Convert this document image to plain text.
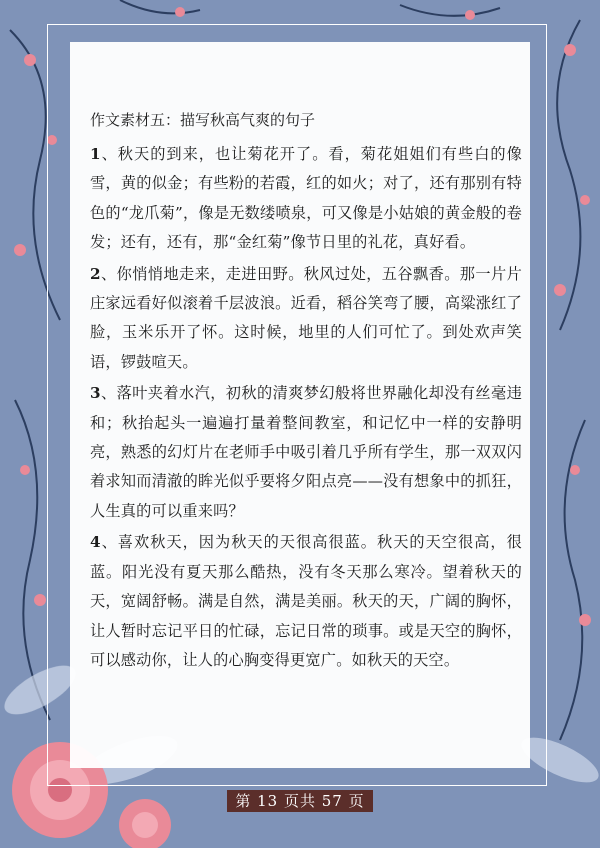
作文素材五：描写秋高气爽的句子

1、秋天的到来，也让菊花开了。看，菊花姐姐们有些白的像雪，黄的似金；有些粉的若霞，红的如火；对了，还有那别有特色的“龙爪菊”，像是无数缕喷泉，可又像是小姑娘的黄金般的卷发；还有，还有，那“金红菊”像节日里的礼花，真好看。

2、你悄悄地走来，走进田野。秋风过处，五谷飘香。那一片片庄家远看好似滚着千层波浪。近看，稻谷笑弯了腰，高粱涨红了脸，玉米乐开了怀。这时候，地里的人们可忙了。到处欢声笑语，锣鼓喧天。

3、落叶夹着水汽，初秋的清爽梦幻般将世界融化却没有丝毫违和；秋抬起头一遍遍打量着整间教室，和记忆中一样的安静明亮，熟悉的幻灯片在老师手中吸引着几乎所有学生，那一双双闪着求知而清澈的眸光似乎要将夕阳点亮——没有想象中的抓狂，人生真的可以重来吗？

4、喜欢秋天，因为秋天的天很高很蓝。秋天的天空很高，很蓝。阳光没有夏天那么酷热，没有冬天那么寒冷。望着秋天的天，宽阔舒畅。满是自然，满是美丽。秋天的天，广阔的胸怀，让人暂时忘记平日的忙碌，忘记日常的琐事。或是天空的胸怀，可以感动你，让人的心胸变得更宽广。如秋天的天空。

第 13 页共 57 页
